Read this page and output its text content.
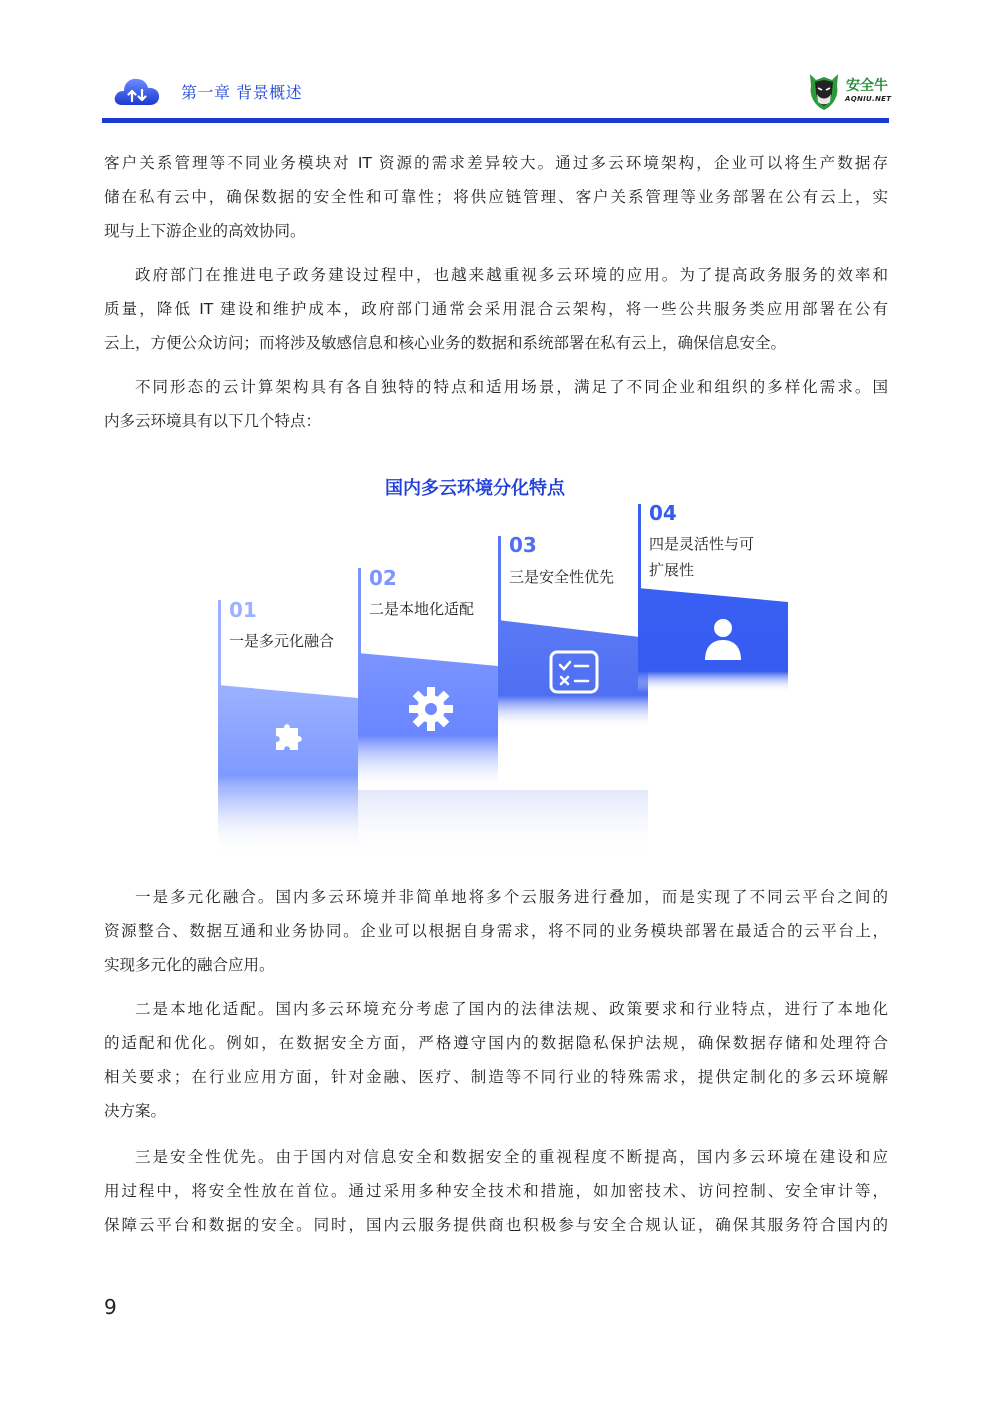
第一章 背景概述	安全牛
AQNIU.NET

客户关系管理等不同业务模块对 IT 资源的需求差异较大。通过多云环境架构，企业可以将生产数据存
储在私有云中，确保数据的安全性和可靠性；将供应链管理、客户关系管理等业务部署在公有云上，实
现与上下游企业的高效协同。

政府部门在推进电子政务建设过程中，也越来越重视多云环境的应用。为了提高政务服务的效率和
质量，降低 IT 建设和维护成本，政府部门通常会采用混合云架构，将一些公共服务类应用部署在公有
云上，方便公众访问；而将涉及敏感信息和核心业务的数据和系统部署在私有云上，确保信息安全。

不同形态的云计算架构具有各自独特的特点和适用场景，满足了不同企业和组织的多样化需求。国
内多云环境具有以下几个特点：

国内多云环境分化特点
01
一是多元化融合
02
二是本地化适配
03
三是安全性优先
04
四是灵活性与可
扩展性

一是多元化融合。国内多云环境并非简单地将多个云服务进行叠加，而是实现了不同云平台之间的
资源整合、数据互通和业务协同。企业可以根据自身需求，将不同的业务模块部署在最适合的云平台上，
实现多元化的融合应用。

二是本地化适配。国内多云环境充分考虑了国内的法律法规、政策要求和行业特点，进行了本地化
的适配和优化。例如，在数据安全方面，严格遵守国内的数据隐私保护法规，确保数据存储和处理符合
相关要求；在行业应用方面，针对金融、医疗、制造等不同行业的特殊需求，提供定制化的多云环境解
决方案。

三是安全性优先。由于国内对信息安全和数据安全的重视程度不断提高，国内多云环境在建设和应
用过程中，将安全性放在首位。通过采用多种安全技术和措施，如加密技术、访问控制、安全审计等，
保障云平台和数据的安全。同时，国内云服务提供商也积极参与安全合规认证，确保其服务符合国内的

9
